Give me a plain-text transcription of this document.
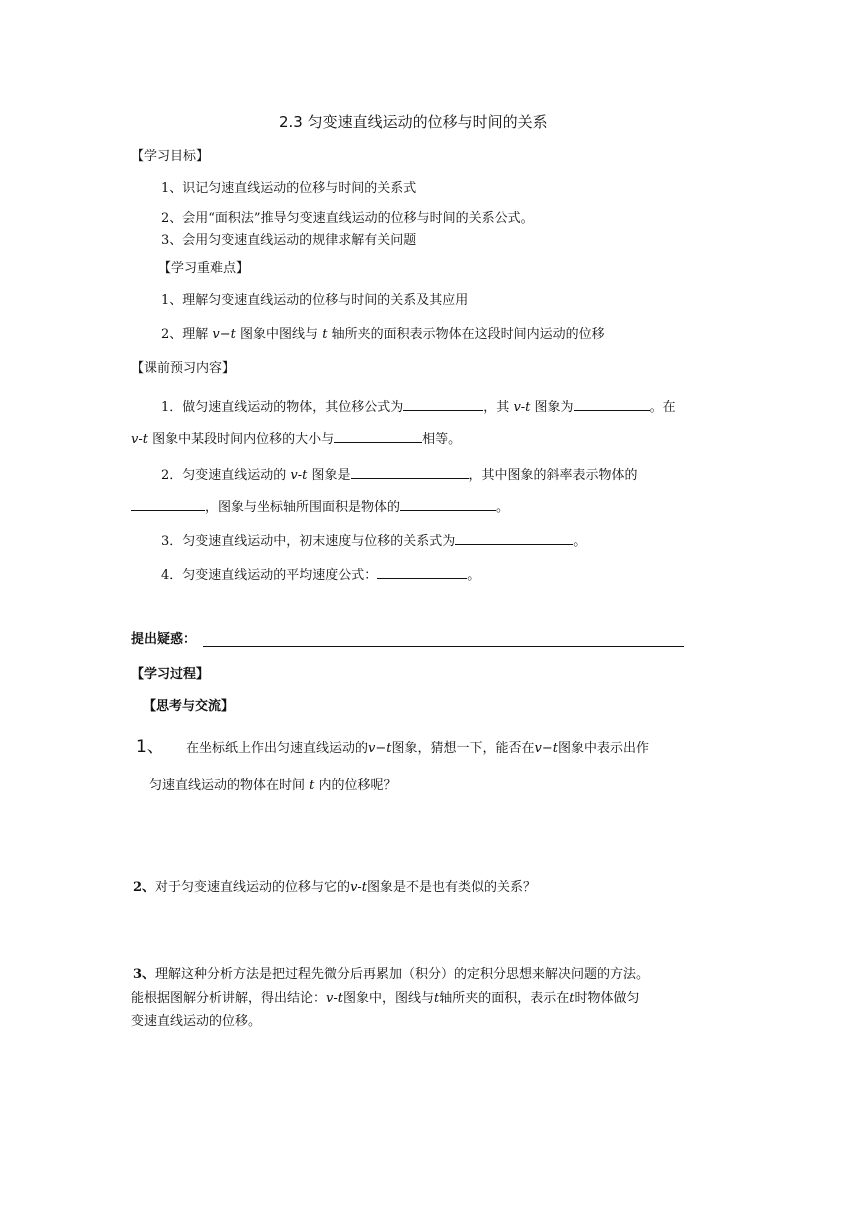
2.3 匀变速直线运动的位移与时间的关系
【学习目标】
1、识记匀速直线运动的位移与时间的关系式
2、会用“面积法”推导匀变速直线运动的位移与时间的关系公式。
3、会用匀变速直线运动的规律求解有关问题
【学习重难点】
1、理解匀变速直线运动的位移与时间的关系及其应用
2、理解 v−t 图象中图线与 t 轴所夹的面积表示物体在这段时间内运动的位移
【课前预习内容】
1．做匀速直线运动的物体，其位移公式为	，其 v-t 图象为	。在
v-t 图象中某段时间内位移的大小与	相等。
2．匀变速直线运动的 v-t 图象是	，其中图象的斜率表示物体的
，图象与坐标轴所围面积是物体的	。
3．匀变速直线运动中，初末速度与位移的关系式为	。
4．匀变速直线运动的平均速度公式：	。
提出疑惑：
【学习过程】
【思考与交流】
1、 在坐标纸上作出匀速直线运动的v−t图象，猜想一下，能否在v−t图象中表示出作
匀速直线运动的物体在时间 t 内的位移呢？
2、对于匀变速直线运动的位移与它的v-t图象是不是也有类似的关系？
3、理解这种分析方法是把过程先微分后再累加（积分）的定积分思想来解决问题的方法。
能根据图解分析讲解，得出结论：v-t图象中，图线与t轴所夹的面积，表示在t时物体做匀
变速直线运动的位移。
